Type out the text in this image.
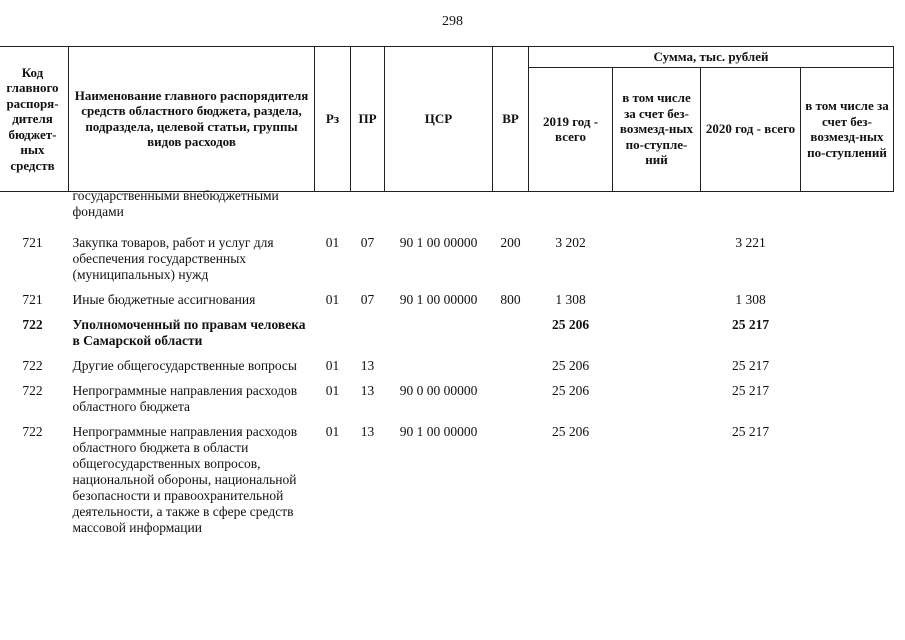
298
Код главного распоря-дителя бюджет-ных средств	Наименование главного распорядителя средств областного бюджета, раздела, подраздела, целевой статьи, группы видов расходов	Рз	ПР	ЦСР	ВР	Сумма, тыс. рублей			
						2019 год - всего	в том числе за счет без-возмезд-ных по-ступле-ний	2020 год - всего	в том числе за счет без-возмезд-ных по-ступлений
	государственными внебюджетными фондами								
721	Закупка товаров, работ и услуг для обеспечения государственных (муниципальных) нужд	01	07	90 1 00 00000	200	3 202		3 221	
721	Иные бюджетные ассигнования	01	07	90 1 00 00000	800	1 308		1 308	
722	Уполномоченный по правам человека в Самарской области					25 206		25 217	
722	Другие общегосударственные вопросы	01	13			25 206		25 217	
722	Непрограммные направления расходов областного бюджета	01	13	90 0 00 00000		25 206		25 217	
722	Непрограммные направления расходов областного бюджета в области общегосударственных вопросов, национальной обороны, национальной безопасности и правоохранительной деятельности, а также в сфере средств массовой информации	01	13	90 1 00 00000		25 206		25 217	
